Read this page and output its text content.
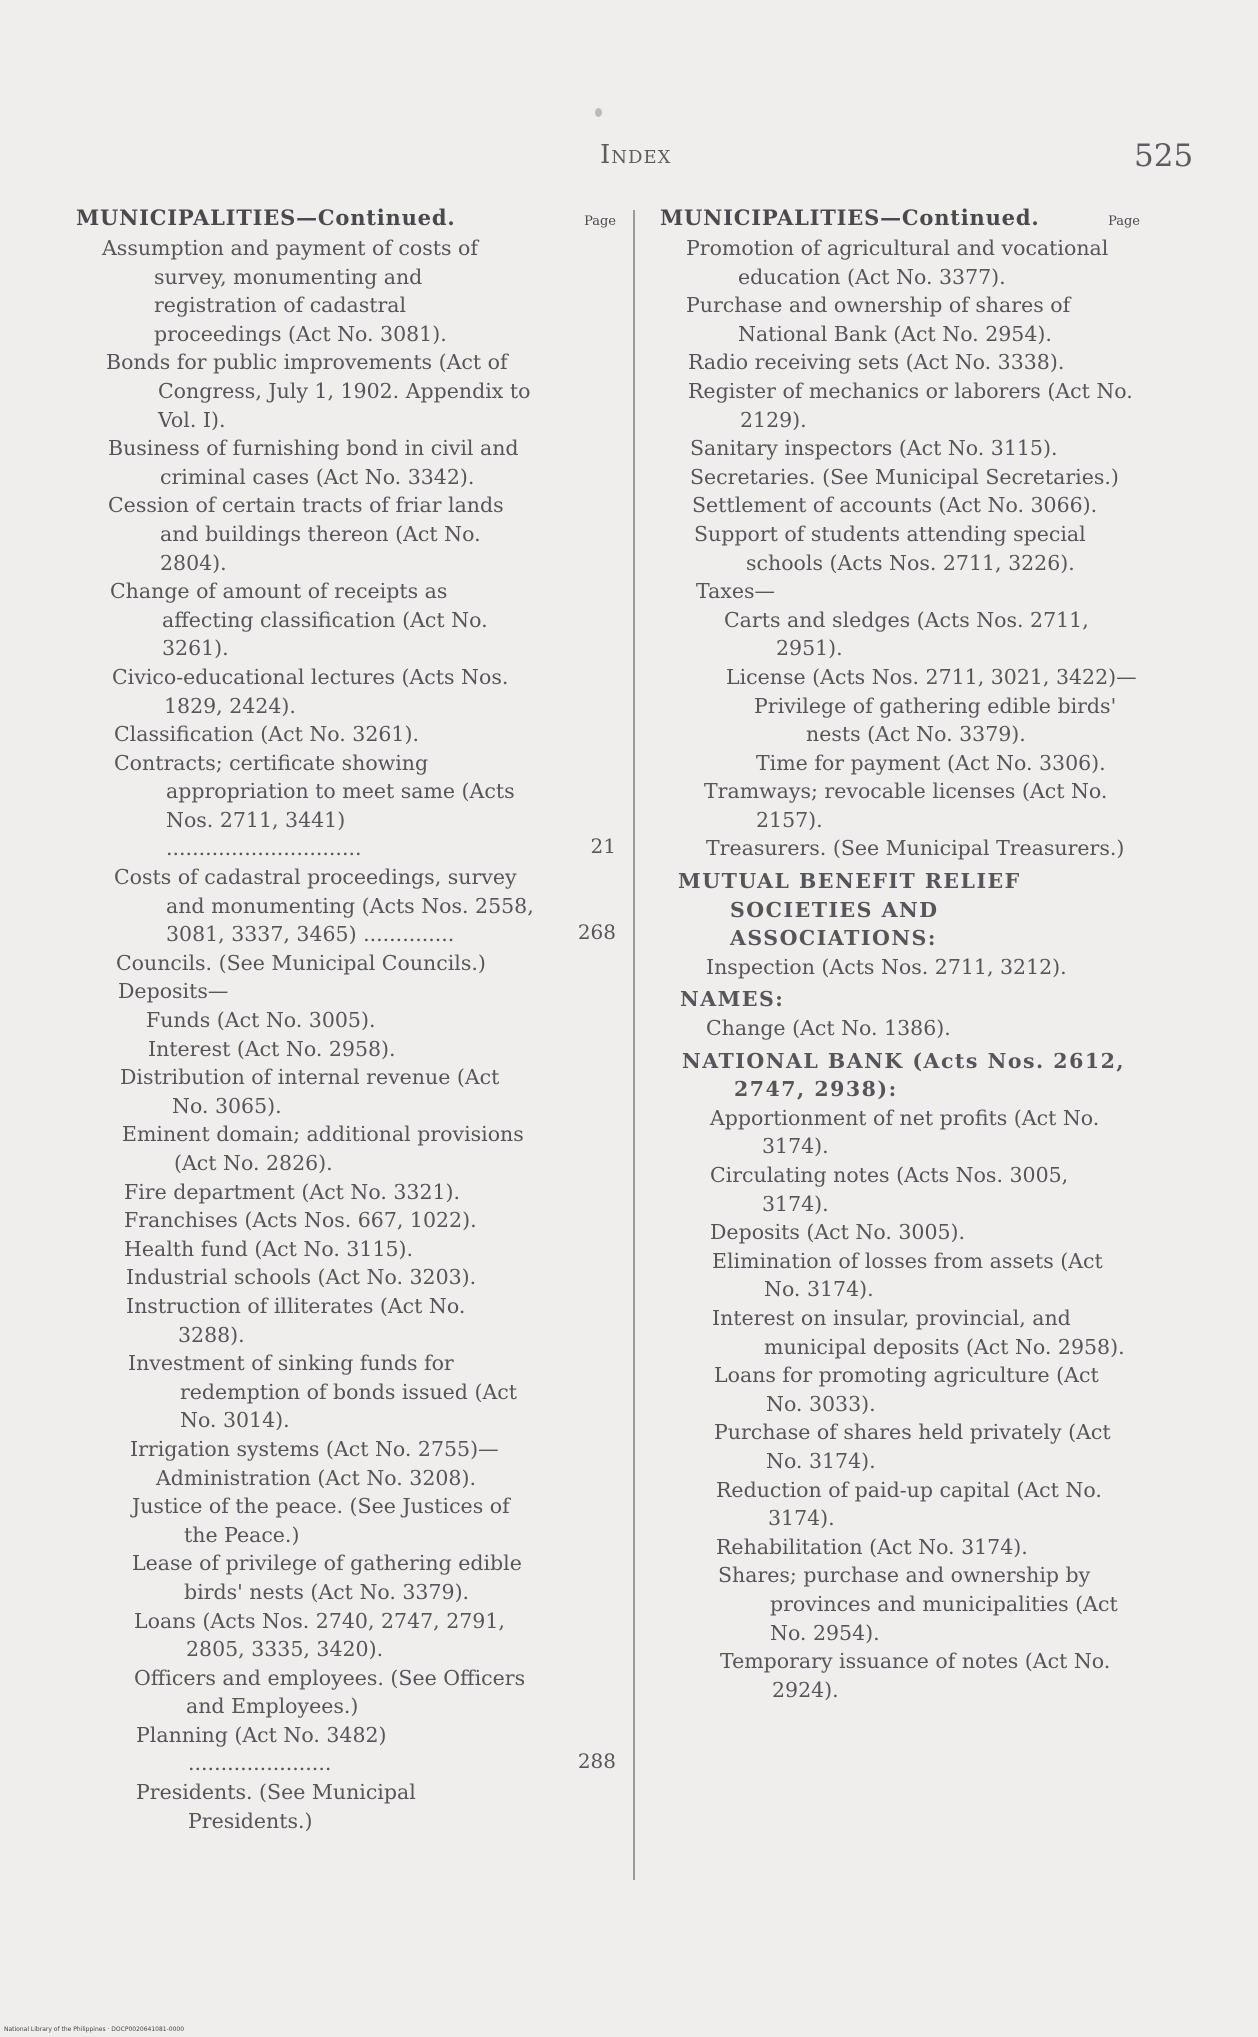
Index	525
MUNICIPALITIES—Continued.	Page
Assumption and payment of costs of survey, monumenting and registration of cadastral proceedings (Act No. 3081).
Bonds for public improvements (Act of Congress, July 1, 1902. Appendix to Vol. I).
Business of furnishing bond in civil and criminal cases (Act No. 3342).
Cession of certain tracts of friar lands and buildings thereon (Act No. 2804).
Change of amount of receipts as affecting classification (Act No. 3261).
Civico-educational lectures (Acts Nos. 1829, 2424).
Classification (Act No. 3261).
Contracts; certificate showing appropriation to meet same (Acts Nos. 2711, 3441) ..............................	21
Costs of cadastral proceedings, survey and monumenting (Acts Nos. 2558, 3081, 3337, 3465) ..............	268
Councils. (See Municipal Councils.)
Deposits—
Funds (Act No. 3005).
Interest (Act No. 2958).
Distribution of internal revenue (Act No. 3065).
Eminent domain; additional provisions (Act No. 2826).
Fire department (Act No. 3321).
Franchises (Acts Nos. 667, 1022).
Health fund (Act No. 3115).
Industrial schools (Act No. 3203).
Instruction of illiterates (Act No. 3288).
Investment of sinking funds for redemption of bonds issued (Act No. 3014).
Irrigation systems (Act No. 2755)—
Administration (Act No. 3208).
Justice of the peace. (See Justices of the Peace.)
Lease of privilege of gathering edible birds' nests (Act No. 3379).
Loans (Acts Nos. 2740, 2747, 2791, 2805, 3335, 3420).
Officers and employees. (See Officers and Employees.)
Planning (Act No. 3482) ......................	288
Presidents. (See Municipal Presidents.)
MUNICIPALITIES—Continued.	Page
Promotion of agricultural and vocational education (Act No. 3377).
Purchase and ownership of shares of National Bank (Act No. 2954).
Radio receiving sets (Act No. 3338).
Register of mechanics or laborers (Act No. 2129).
Sanitary inspectors (Act No. 3115).
Secretaries. (See Municipal Secretaries.)
Settlement of accounts (Act No. 3066).
Support of students attending special schools (Acts Nos. 2711, 3226).
Taxes—
Carts and sledges (Acts Nos. 2711, 2951).
License (Acts Nos. 2711, 3021, 3422)—
Privilege of gathering edible birds' nests (Act No. 3379).
Time for payment (Act No. 3306).
Tramways; revocable licenses (Act No. 2157).
Treasurers. (See Municipal Treasurers.)
MUTUAL BENEFIT RELIEF SOCIETIES AND ASSOCIATIONS:
Inspection (Acts Nos. 2711, 3212).
NAMES:
Change (Act No. 1386).
NATIONAL BANK (Acts Nos. 2612, 2747, 2938):
Apportionment of net profits (Act No. 3174).
Circulating notes (Acts Nos. 3005, 3174).
Deposits (Act No. 3005).
Elimination of losses from assets (Act No. 3174).
Interest on insular, provincial, and municipal deposits (Act No. 2958).
Loans for promoting agriculture (Act No. 3033).
Purchase of shares held privately (Act No. 3174).
Reduction of paid-up capital (Act No. 3174).
Rehabilitation (Act No. 3174).
Shares; purchase and ownership by provinces and municipalities (Act No. 2954).
Temporary issuance of notes (Act No. 2924).
National Library of the Philippines · DOCP0020641081-0000
